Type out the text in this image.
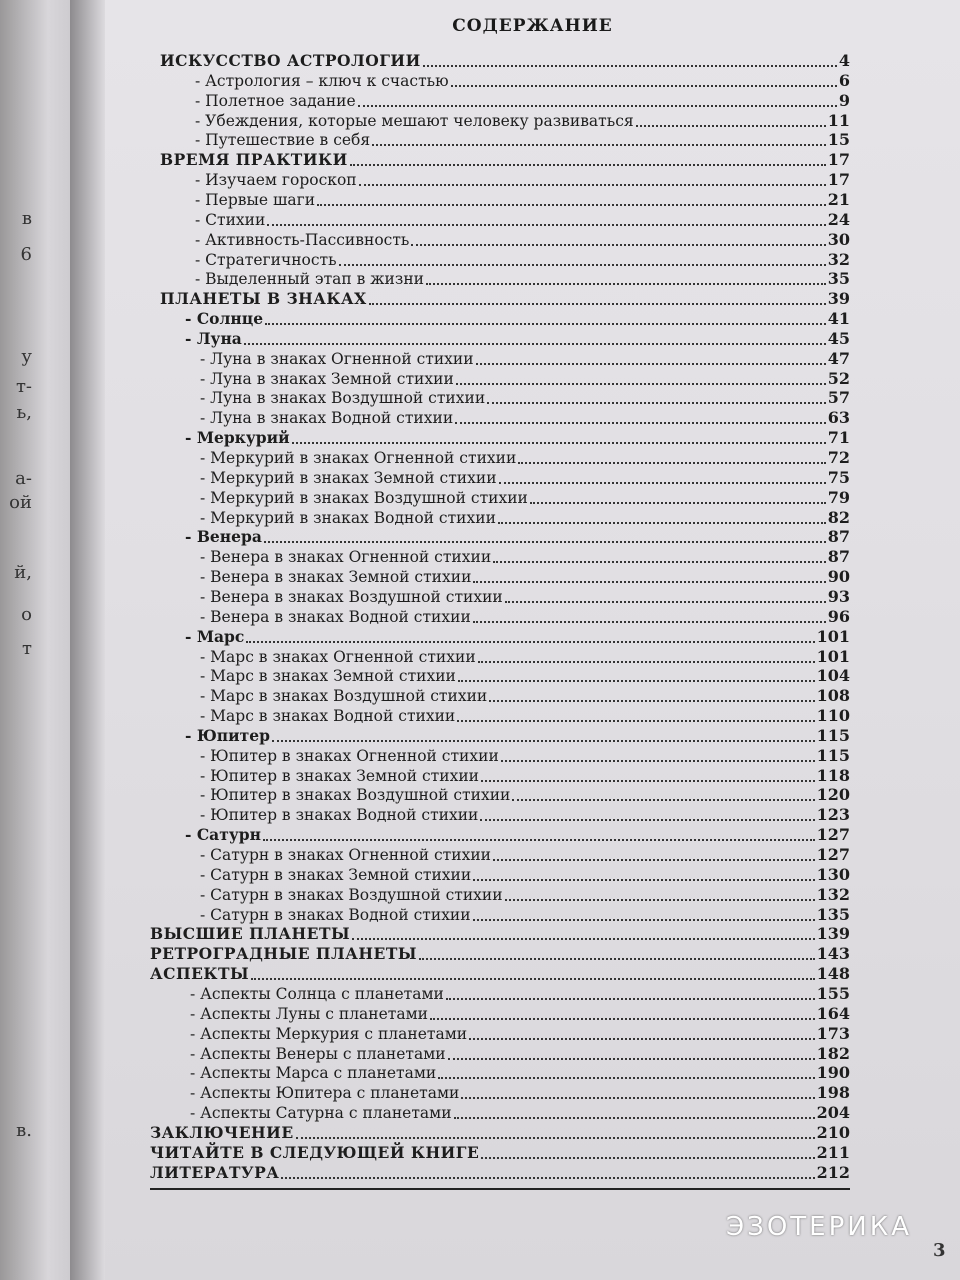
в
6
у
т-
ь,
а-
ой
й,
о
т
в.
СОДЕРЖАНИЕ
ИСКУССТВО АСТРОЛОГИИ	4
- Астрология – ключ к счастью	6
- Полетное задание	9
- Убеждения, которые мешают человеку развиваться	11
- Путешествие в себя	15
ВРЕМЯ ПРАКТИКИ	17
- Изучаем гороскоп	17
- Первые шаги	21
- Стихии	24
- Активность-Пассивность	30
- Стратегичность	32
- Выделенный этап в жизни	35
ПЛАНЕТЫ В ЗНАКАХ	39
- Солнце	41
- Луна	45
- Луна в знаках Огненной стихии	47
- Луна в знаках Земной стихии	52
- Луна в знаках Воздушной стихии	57
- Луна в знаках Водной стихии	63
- Меркурий	71
- Меркурий в знаках Огненной стихии	72
- Меркурий в знаках Земной стихии	75
- Меркурий в знаках Воздушной стихии	79
- Меркурий в знаках Водной стихии	82
- Венера	87
- Венера в знаках Огненной стихии	87
- Венера в знаках Земной стихии	90
- Венера в знаках Воздушной стихии	93
- Венера в знаках Водной стихии	96
- Марс	101
- Марс в знаках Огненной стихии	101
- Марс в знаках Земной стихии	104
- Марс в знаках Воздушной стихии	108
- Марс в знаках Водной стихии	110
- Юпитер	115
- Юпитер в знаках Огненной стихии	115
- Юпитер в знаках Земной стихии	118
- Юпитер в знаках Воздушной стихии	120
- Юпитер в знаках Водной стихии	123
- Сатурн	127
- Сатурн в знаках Огненной стихии	127
- Сатурн в знаках Земной стихии	130
- Сатурн в знаках Воздушной стихии	132
- Сатурн в знаках Водной стихии	135
ВЫСШИЕ ПЛАНЕТЫ	139
РЕТРОГРАДНЫЕ ПЛАНЕТЫ	143
АСПЕКТЫ	148
- Аспекты Солнца с планетами	155
- Аспекты Луны с планетами	164
- Аспекты Меркурия с планетами	173
- Аспекты Венеры с планетами	182
- Аспекты Марса с планетами	190
- Аспекты Юпитера с планетами	198
- Аспекты Сатурна с планетами	204
ЗАКЛЮЧЕНИЕ	210
ЧИТАЙТЕ В СЛЕДУЮЩЕЙ КНИГЕ	211
ЛИТЕРАТУРА	212
3
ЭЗОТЕРИКА
